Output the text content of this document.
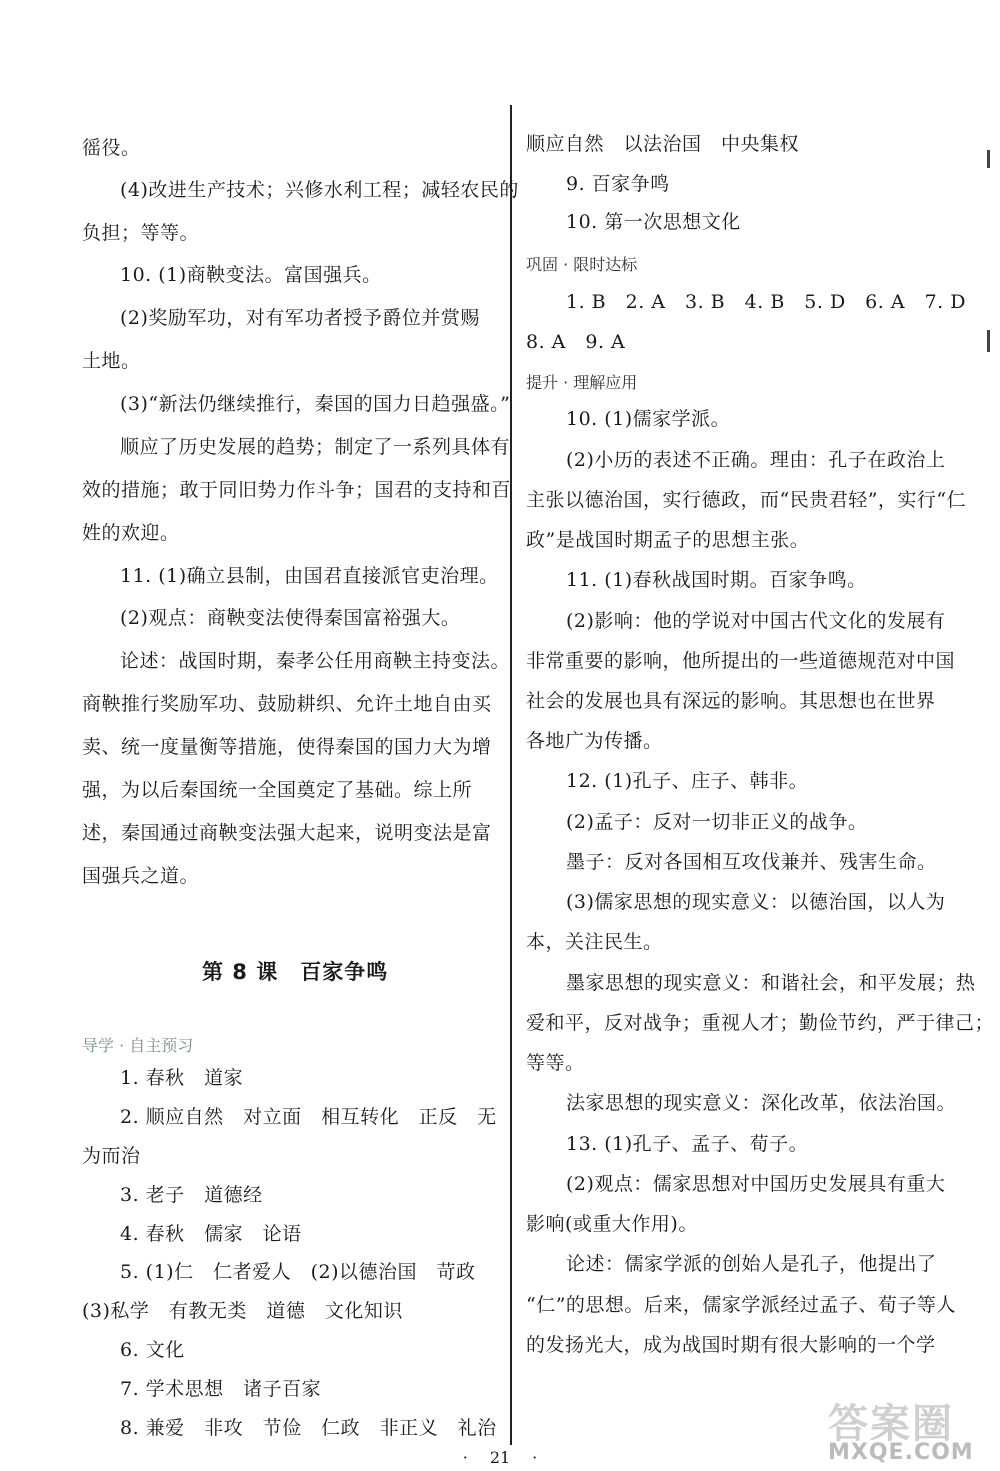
徭役。
(4)改进生产技术；兴修水利工程；减轻农民的
负担；等等。
10. (1)商鞅变法。富国强兵。
(2)奖励军功，对有军功者授予爵位并赏赐
土地。
(3)“新法仍继续推行，秦国的国力日趋强盛。”
顺应了历史发展的趋势；制定了一系列具体有
效的措施；敢于同旧势力作斗争；国君的支持和百
姓的欢迎。
11. (1)确立县制，由国君直接派官吏治理。
(2)观点：商鞅变法使得秦国富裕强大。
论述：战国时期，秦孝公任用商鞅主持变法。
商鞅推行奖励军功、鼓励耕织、允许土地自由买
卖、统一度量衡等措施，使得秦国的国力大为增
强，为以后秦国统一全国奠定了基础。综上所
述，秦国通过商鞅变法强大起来，说明变法是富
国强兵之道。
第 8 课　百家争鸣
导学 · 自主预习
1. 春秋　道家
2. 顺应自然　对立面　相互转化　正反　无
为而治
3. 老子　道德经
4. 春秋　儒家　论语
5. (1)仁　仁者爱人　(2)以德治国　苛政
(3)私学　有教无类　道德　文化知识
6. 文化
7. 学术思想　诸子百家
8. 兼爱　非攻　节俭　仁政　非正义　礼治
顺应自然　以法治国　中央集权
9. 百家争鸣
10. 第一次思想文化
巩固 · 限时达标
1. B　2. A　3. B　4. B　5. D　6. A　7. D
8. A　9. A
提升 · 理解应用
10. (1)儒家学派。
(2)小历的表述不正确。理由：孔子在政治上
主张以德治国，实行德政，而“民贵君轻”，实行“仁
政”是战国时期孟子的思想主张。
11. (1)春秋战国时期。百家争鸣。
(2)影响：他的学说对中国古代文化的发展有
非常重要的影响，他所提出的一些道德规范对中国
社会的发展也具有深远的影响。其思想也在世界
各地广为传播。
12. (1)孔子、庄子、韩非。
(2)孟子：反对一切非正义的战争。
墨子：反对各国相互攻伐兼并、残害生命。
(3)儒家思想的现实意义：以德治国，以人为
本，关注民生。
墨家思想的现实意义：和谐社会，和平发展；热
爱和平，反对战争；重视人才；勤俭节约，严于律己；
等等。
法家思想的现实意义：深化改革，依法治国。
13. (1)孔子、孟子、荀子。
(2)观点：儒家思想对中国历史发展具有重大
影响(或重大作用)。
论述：儒家学派的创始人是孔子，他提出了
“仁”的思想。后来，儒家学派经过孟子、荀子等人
的发扬光大，成为战国时期有很大影响的一个学
· 21 ·
答案圈
MXQE.COM
